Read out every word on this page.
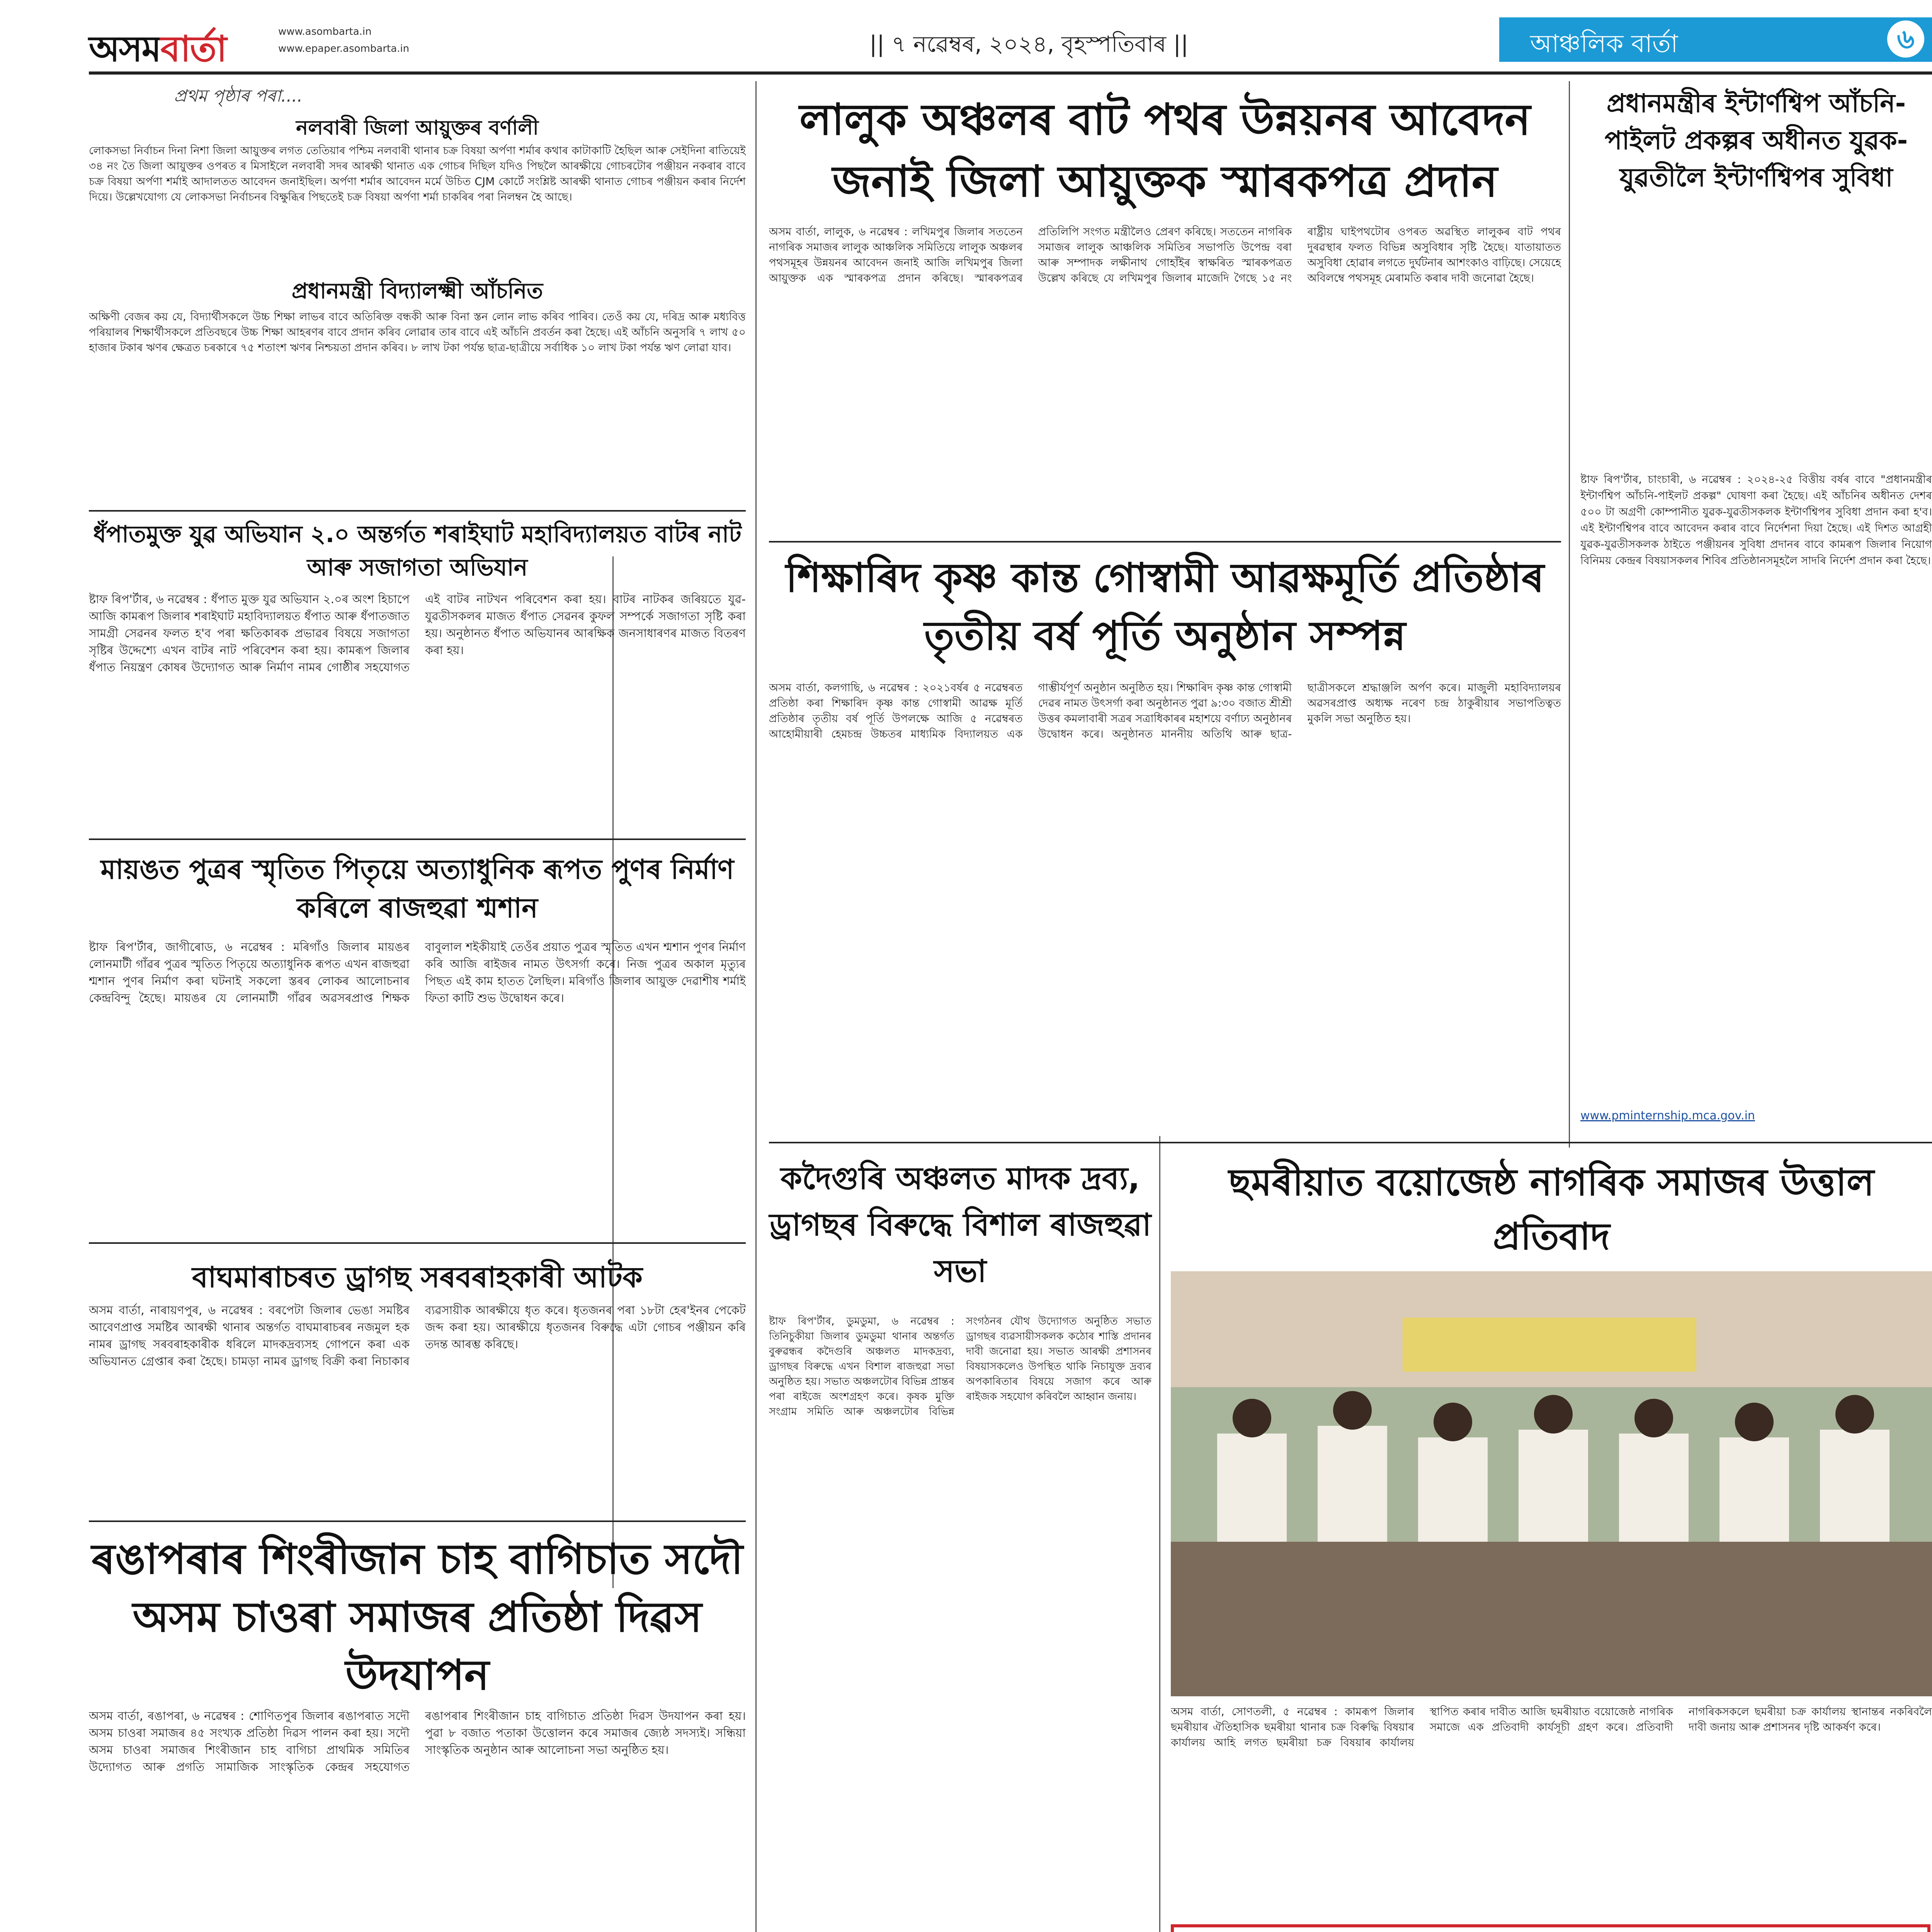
অসমবার্তা	www.asombarta.in
www.epaper.asombarta.in	|| ৭ নৱেম্বৰ, ২০২৪, বৃহস্পতিবাৰ ||	আঞ্চলিক বাৰ্তা	৬
প্ৰথম পৃষ্ঠাৰ পৰা....
নলবাৰী জিলা আয়ুক্তৰ বৰ্ণালী
লোকসভা নিৰ্বাচন দিনা নিশা জিলা আয়ুক্তৰ লগত তেতিয়াৰ পশ্চিম নলবাৰী থানাৰ চক্ৰ বিষয়া অৰ্পণা শৰ্মাৰ কথাৰ কাটাকাটি হৈছিল আৰু সেইদিনা ৰাতিয়েই ৩৪ নং তৈ জিলা আয়ুক্তৰ ওপৰত ৰ মিসাইলে নলবাৰী সদৰ আৰক্ষী থানাত এক গোচৰ দিছিল যদিও পিছলৈ আৰক্ষীয়ে গোচৰটোৰ পঞ্জীয়ন নকৰাৰ বাবে চক্ৰ বিষয়া অৰ্পণা শৰ্মাই আদালতত আবেদন জনাইছিল। অৰ্পণা শৰ্মাৰ আবেদন মৰ্মে উচিত CJM কোৰ্টে সংশ্লিষ্ট আৰক্ষী থানাত গোচৰ পঞ্জীয়ন কৰাৰ নিৰ্দেশ দিয়ে। উল্লেখযোগ্য যে লোকসভা নিৰ্বাচনৰ বিক্ষুব্ধিৰ পিছতেই চক্ৰ বিষয়া অৰ্পণা শৰ্মা চাকৰিৰ পৰা নিলম্বন হৈ আছে।
প্ৰধানমন্ত্ৰী বিদ্যালক্ষ্মী আঁচনিত
অক্ষিণী বেজৰ কয় যে, বিদ্যাৰ্থীসকলে উচ্চ শিক্ষা লাভৰ বাবে অতিৰিক্ত বন্ধকী আৰু বিনা স্তন লোন লাভ কৰিব পাৰিব। তেওঁ কয় যে, দৰিদ্ৰ আৰু মধ্যবিত্ত পৰিয়ালৰ শিক্ষাৰ্থীসকলে প্ৰতিবছৰে উচ্চ শিক্ষা আহৰণৰ বাবে প্ৰদান কৰিব লোৱাৰ তাৰ বাবে এই আঁচনি প্ৰবৰ্তন কৰা হৈছে। এই আঁচনি অনুসৰি ৭ লাখ ৫০ হাজাৰ টকাৰ ঋণৰ ক্ষেত্ৰত চৰকাৰে ৭৫ শতাংশ ঋণৰ নিশ্চয়তা প্ৰদান কৰিব। ৮ লাখ টকা পৰ্যন্ত ছাত্ৰ-ছাত্ৰীয়ে সৰ্বাধিক ১০ লাখ টকা পৰ্যন্ত ঋণ লোৱা যাব।
ধঁপাতমুক্ত যুৱ অভিযান ২.০ অন্তৰ্গত শৰাইঘাট মহাবিদ্যালয়ত বাটৰ নাট আৰু সজাগতা অভিযান
ষ্টাফ ৰিপ'ৰ্টাৰ, ৬ নৱেম্বৰ : ধঁপাত মুক্ত যুৱ অভিযান ২.০ৰ অংশ হিচাপে আজি কামৰূপ জিলাৰ শৰাইঘাট মহাবিদ্যালয়ত ধঁপাত আৰু ধঁপাতজাত সামগ্ৰী সেৱনৰ ফলত হ'ব পৰা ক্ষতিকাৰক প্ৰভাৱৰ বিষয়ে সজাগতা সৃষ্টিৰ উদ্দেশ্যে এখন বাটৰ নাট পৰিবেশন কৰা হয়। কামৰূপ জিলাৰ ধঁপাত নিয়ন্ত্ৰণ কোষৰ উদ্যোগত আৰু নিৰ্মাণ নামৰ গোষ্ঠীৰ সহযোগত এই বাটৰ নাটখন পৰিবেশন কৰা হয়। বাটৰ নাটকৰ জৰিয়তে যুৱ-যুৱতীসকলৰ মাজত ধঁপাত সেৱনৰ কুফল সম্পৰ্কে সজাগতা সৃষ্টি কৰা হয়। অনুষ্ঠানত ধঁপাত অভিযানৰ আৰক্ষিক জনসাধাৰণৰ মাজত বিতৰণ কৰা হয়।
মায়ঙত পুত্ৰৰ স্মৃতিত পিতৃয়ে অত্যাধুনিক ৰূপত পুণৰ নিৰ্মাণ কৰিলে ৰাজহুৱা শ্মশান
ষ্টাফ ৰিপ'ৰ্টাৰ, জাগীৰোড, ৬ নৱেম্বৰ : মৰিগাঁও জিলাৰ মায়ঙৰ লোনমাটী গাঁৱৰ পুত্ৰৰ স্মৃতিত পিতৃয়ে অত্যাধুনিক ৰূপত এখন ৰাজহুৱা শ্মশান পুণৰ নিৰ্মাণ কৰা ঘটনাই সকলো স্তৰৰ লোকৰ আলোচনাৰ কেন্দ্ৰবিন্দু হৈছে। মায়ঙৰ যে লোনমাটী গাঁৱৰ অৱসৰপ্ৰাপ্ত শিক্ষক বাবুলাল শইকীয়াই তেওঁৰ প্ৰয়াত পুত্ৰৰ স্মৃতিত এখন শ্মশান পুণৰ নিৰ্মাণ কৰি আজি ৰাইজৰ নামত উৎসৰ্গা কৰে। নিজ পুত্ৰৰ অকাল মৃত্যুৰ পিছত এই কাম হাতত লৈছিল। মৰিগাঁও জিলাৰ আয়ুক্ত দেৱাশীষ শৰ্মাই ফিতা কাটি শুভ উদ্বোধন কৰে।
বাঘমাৰাচৰত ড্ৰাগছ সৰবৰাহকাৰী আটক
অসম বাৰ্তা, নাৰায়ণপুৰ, ৬ নৱেম্বৰ : বৰপেটা জিলাৰ ভেঙা সমষ্টিৰ আবেণপ্ৰাপ্ত সমষ্টিৰ আৰক্ষী থানাৰ অন্তৰ্গত বাঘমাৰাচৰৰ নজমুল হক নামৰ ড্ৰাগছ সৰবৰাহকাৰীক ধৰিলে মাদকদ্ৰব্যসহ গোপনে কৰা এক অভিযানত গ্ৰেপ্তাৰ কৰা হৈছে। চামড়া নামৰ ড্ৰাগছ বিক্ৰী কৰা নিচাকাৰ ব্যৱসায়ীক আৰক্ষীয়ে ধৃত কৰে। ধৃতজনৰ পৰা ১৮টা হেৰ'ইনৰ পেকেট জব্দ কৰা হয়। আৰক্ষীয়ে ধৃতজনৰ বিৰুদ্ধে এটা গোচৰ পঞ্জীয়ন কৰি তদন্ত আৰম্ভ কৰিছে।
ৰঙাপৰাৰ শিংৰীজান চাহ বাগিচাত সদৌ অসম চাওৰা সমাজৰ প্ৰতিষ্ঠা দিৱস উদযাপন
অসম বাৰ্তা, ৰঙাপৰা, ৬ নৱেম্বৰ : শোণিতপুৰ জিলাৰ ৰঙাপৰাত সদৌ অসম চাওৰা সমাজৰ ৪৫ সংখ্যক প্ৰতিষ্ঠা দিৱস পালন কৰা হয়। সদৌ অসম চাওৰা সমাজৰ শিংৰীজান চাহ বাগিচা প্ৰাথমিক সমিতিৰ উদ্যোগত আৰু প্ৰগতি সামাজিক সাংস্কৃতিক কেন্দ্ৰৰ সহযোগত ৰঙাপৰাৰ শিংৰীজান চাহ বাগিচাত প্ৰতিষ্ঠা দিৱস উদযাপন কৰা হয়। পুৱা ৮ বজাত পতাকা উত্তোলন কৰে সমাজৰ জ্যেষ্ঠ সদস্যই। সন্ধিয়া সাংস্কৃতিক অনুষ্ঠান আৰু আলোচনা সভা অনুষ্ঠিত হয়।
লালুক অঞ্চলৰ বাট পথৰ উন্নয়নৰ আবেদন জনাই জিলা আয়ুক্তক স্মাৰকপত্ৰ প্ৰদান
অসম বাৰ্তা, লালুক, ৬ নৱেম্বৰ : লখিমপুৰ জিলাৰ সততেন নাগৰিক সমাজৰ লালুক আঞ্চলিক সমিতিয়ে লালুক অঞ্চলৰ পথসমূহৰ উন্নয়নৰ আবেদন জনাই আজি লখিমপুৰ জিলা আয়ুক্তক এক স্মাৰকপত্ৰ প্ৰদান কৰিছে। স্মাৰকপত্ৰৰ প্ৰতিলিপি সংগত মন্ত্ৰীলৈও প্ৰেৰণ কৰিছে। সততেন নাগৰিক সমাজৰ লালুক আঞ্চলিক সমিতিৰ সভাপতি উপেন্দ্ৰ বৰা আৰু সম্পাদক লক্ষীনাথ গোহাঁইৰ স্বাক্ষৰিত স্মাৰকপত্ৰত উল্লেখ কৰিছে যে লখিমপুৰ জিলাৰ মাজেদি গৈছে ১৫ নং ৰাষ্ট্ৰীয় ঘাইপথটোৰ ওপৰত অৱস্থিত লালুকৰ বাট পথৰ দুৰৱস্থাৰ ফলত বিভিন্ন অসুবিধাৰ সৃষ্টি হৈছে। যাতায়াতত অসুবিধা হোৱাৰ লগতে দুৰ্ঘটনাৰ আশংকাও বাঢ়িছে। সেয়েহে অবিলম্বে পথসমূহ মেৰামতি কৰাৰ দাবী জনোৱা হৈছে।
শিক্ষাৰিদ কৃষ্ণ কান্ত গোস্বামী আৱক্ষমূৰ্তি প্ৰতিষ্ঠাৰ তৃতীয় বৰ্ষ পূৰ্তি অনুষ্ঠান সম্পন্ন
অসম বাৰ্তা, কলগাছি, ৬ নৱেম্বৰ : ২০২১বৰ্ষৰ ৫ নৱেম্বৰত প্ৰতিষ্ঠা কৰা শিক্ষাৰিদ কৃষ্ণ কান্ত গোস্বামী আৱক্ষ মূৰ্তি প্ৰতিষ্ঠাৰ তৃতীয় বৰ্ষ পূৰ্তি উপলক্ষে আজি ৫ নৱেম্বৰত আহোমীয়াৰী হেমচন্দ্ৰ উচ্চতৰ মাধ্যমিক বিদ্যালয়ত এক গাম্ভীৰ্যপূৰ্ণ অনুষ্ঠান অনুষ্ঠিত হয়। শিক্ষাৰিদ কৃষ্ণ কান্ত গোস্বামী দেৱৰ নামত উৎসৰ্গা কৰা অনুষ্ঠানত পুৱা ৯:৩০ বজাত শ্ৰীশ্ৰী উত্তৰ কমলাবাৰী সত্ৰৰ সত্ৰাধিকাৰৰ মহাশয়ে বৰ্ণাঢ্য অনুষ্ঠানৰ উদ্বোধন কৰে। অনুষ্ঠানত মাননীয় অতিথি আৰু ছাত্ৰ-ছাত্ৰীসকলে শ্ৰদ্ধাঞ্জলি অৰ্পণ কৰে। মাজুলী মহাবিদ্যালয়ৰ অৱসৰপ্ৰাপ্ত অধ্যক্ষ নৰেণ চন্দ্ৰ ঠাকুৰীয়াৰ সভাপতিত্বত মুকলি সভা অনুষ্ঠিত হয়।
প্ৰধানমন্ত্ৰীৰ ইন্টাৰ্ণশ্বিপ আঁচনি-পাইলট প্ৰকল্পৰ অধীনত যুৱক-যুৱতীলৈ ইন্টাৰ্ণশ্বিপৰ সুবিধা
ষ্টাফ ৰিপ'ৰ্টাৰ, চাংচাৰী, ৬ নৱেম্বৰ : ২০২৪-২৫ বিত্তীয় বৰ্ষৰ বাবে "প্ৰধানমন্ত্ৰীৰ ইন্টাৰ্ণশ্বিপ আঁচনি-পাইলট প্ৰকল্প" ঘোষণা কৰা হৈছে। এই আঁচনিৰ অধীনত দেশৰ ৫০০ টা অগ্ৰণী কোম্পানীত যুৱক-যুৱতীসকলক ইন্টাৰ্ণশ্বিপৰ সুবিধা প্ৰদান কৰা হ'ব। এই ইন্টাৰ্ণশ্বিপৰ বাবে আবেদন কৰাৰ বাবে নিৰ্দেশনা দিয়া হৈছে। এই দিশত আগ্ৰহী যুৱক-যুৱতীসকলক ঠাইতে পঞ্জীয়নৰ সুবিধা প্ৰদানৰ বাবে কামৰূপ জিলাৰ নিয়োগ বিনিময় কেন্দ্ৰৰ বিষয়াসকলৰ শিবিৰ প্ৰতিষ্ঠানসমূহলৈ সাদৰি নিৰ্দেশ প্ৰদান কৰা হৈছে।
www.pminternship.mca.gov.in
কদৈগুৰি অঞ্চলত মাদক দ্ৰব্য, ড্ৰাগছৰ বিৰুদ্ধে বিশাল ৰাজহুৱা সভা
ষ্টাফ ৰিপ'ৰ্টাৰ, ডুমডুমা, ৬ নৱেম্বৰ : তিনিচুকীয়া জিলাৰ ডুমডুমা থানাৰ অন্তৰ্গত বুৰুৱন্ধৰ কদৈগুৰি অঞ্চলত মাদকদ্ৰব্য, ড্ৰাগছৰ বিৰুদ্ধে এখন বিশাল ৰাজহুৱা সভা অনুষ্ঠিত হয়। সভাত অঞ্চলটোৰ বিভিন্ন প্ৰান্তৰ পৰা ৰাইজে অংশগ্ৰহণ কৰে। কৃষক মুক্তি সংগ্ৰাম সমিতি আৰু অঞ্চলটোৰ বিভিন্ন সংগঠনৰ যৌথ উদ্যোগত অনুষ্ঠিত সভাত ড্ৰাগছৰ ব্যৱসায়ীসকলক কঠোৰ শাস্তি প্ৰদানৰ দাবী জনোৱা হয়। সভাত আৰক্ষী প্ৰশাসনৰ বিষয়াসকলেও উপস্থিত থাকি নিচাযুক্ত দ্ৰব্যৰ অপকাৰিতাৰ বিষয়ে সজাগ কৰে আৰু ৰাইজক সহযোগ কৰিবলৈ আহ্বান জনায়।
ছমৰীয়াত বয়োজেষ্ঠ নাগৰিক সমাজৰ উত্তাল প্ৰতিবাদ
অসম বাৰ্তা, সোণতলী, ৫ নৱেম্বৰ : কামৰূপ জিলাৰ ছমৰীয়াৰ ঐতিহাসিক ছমৰীয়া থানাৰ চক্ৰ বিৰুদ্ধি বিষয়াৰ কাৰ্যালয় আহি লগত ছমৰীয়া চক্ৰ বিষয়াৰ কাৰ্যালয় স্থাপিত কৰাৰ দাবীত আজি ছমৰীয়াত বয়োজেষ্ঠ নাগৰিক সমাজে এক প্ৰতিবাদী কাৰ্যসূচী গ্ৰহণ কৰে। প্ৰতিবাদী নাগৰিকসকলে ছমৰীয়া চক্ৰ কাৰ্যালয় স্থানান্তৰ নকৰিবলৈ দাবী জনায় আৰু প্ৰশাসনৰ দৃষ্টি আকৰ্ষণ কৰে।
